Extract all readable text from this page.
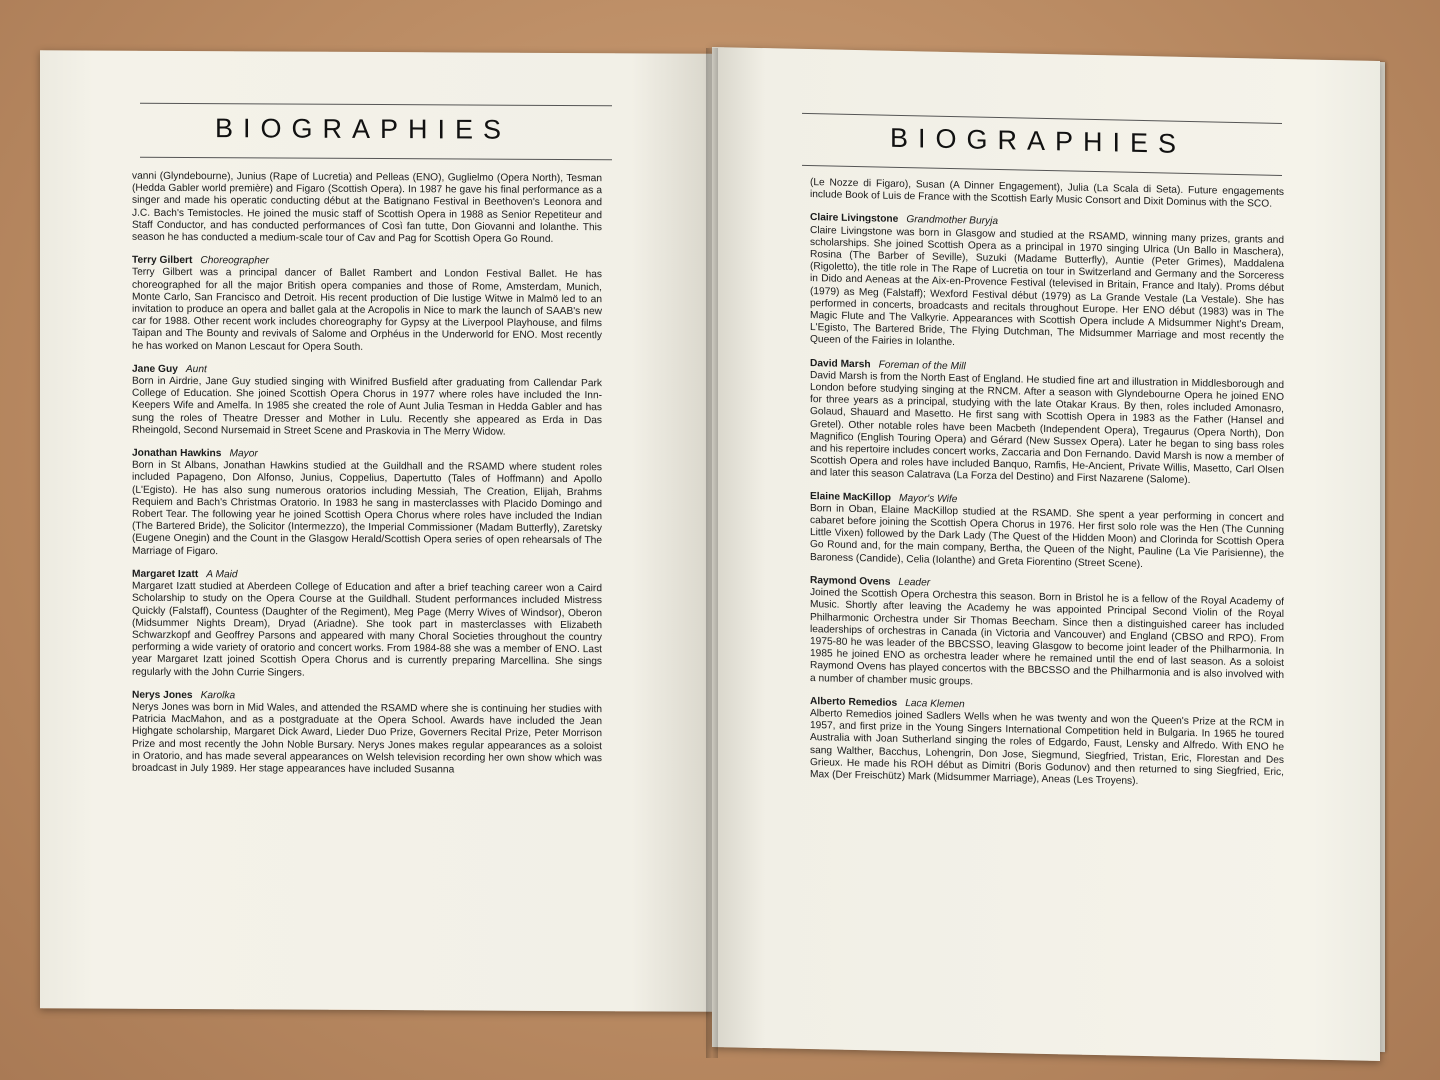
BIOGRAPHIES

vanni (Glyndebourne), Junius (Rape of Lucretia) and Pelleas (ENO), Guglielmo (Opera North), Tesman (Hedda Gabler world première) and Figaro (Scottish Opera). In 1987 he gave his final performance as a singer and made his operatic conducting début at the Batignano Festival in Beethoven's Leonora and J.C. Bach's Temistocles. He joined the music staff of Scottish Opera in 1988 as Senior Repetiteur and Staff Conductor, and has conducted performances of Così fan tutte, Don Giovanni and Iolanthe. This season he has conducted a medium-scale tour of Cav and Pag for Scottish Opera Go Round.

Terry Gilbert Choreographer
Terry Gilbert was a principal dancer of Ballet Rambert and London Festival Ballet. He has choreographed for all the major British opera companies and those of Rome, Amsterdam, Munich, Monte Carlo, San Francisco and Detroit. His recent production of Die lustige Witwe in Malmö led to an invitation to produce an opera and ballet gala at the Acropolis in Nice to mark the launch of SAAB's new car for 1988. Other recent work includes choreography for Gypsy at the Liverpool Playhouse, and films Taipan and The Bounty and revivals of Salome and Orphéus in the Underworld for ENO. Most recently he has worked on Manon Lescaut for Opera South.

Jane Guy Aunt
Born in Airdrie, Jane Guy studied singing with Winifred Busfield after graduating from Callendar Park College of Education. She joined Scottish Opera Chorus in 1977 where roles have included the Inn-Keepers Wife and Amelfa. In 1985 she created the role of Aunt Julia Tesman in Hedda Gabler and has sung the roles of Theatre Dresser and Mother in Lulu. Recently she appeared as Erda in Das Rheingold, Second Nursemaid in Street Scene and Praskovia in The Merry Widow.

Jonathan Hawkins Mayor
Born in St Albans, Jonathan Hawkins studied at the Guildhall and the RSAMD where student roles included Papageno, Don Alfonso, Junius, Coppelius, Dapertutto (Tales of Hoffmann) and Apollo (L'Egisto). He has also sung numerous oratorios including Messiah, The Creation, Elijah, Brahms Requiem and Bach's Christmas Oratorio. In 1983 he sang in masterclasses with Placido Domingo and Robert Tear. The following year he joined Scottish Opera Chorus where roles have included the Indian (The Bartered Bride), the Solicitor (Intermezzo), the Imperial Commissioner (Madam Butterfly), Zaretsky (Eugene Onegin) and the Count in the Glasgow Herald/Scottish Opera series of open rehearsals of The Marriage of Figaro.

Margaret Izatt A Maid
Margaret Izatt studied at Aberdeen College of Education and after a brief teaching career won a Caird Scholarship to study on the Opera Course at the Guildhall. Student performances included Mistress Quickly (Falstaff), Countess (Daughter of the Regiment), Meg Page (Merry Wives of Windsor), Oberon (Midsummer Nights Dream), Dryad (Ariadne). She took part in masterclasses with Elizabeth Schwarzkopf and Geoffrey Parsons and appeared with many Choral Societies throughout the country performing a wide variety of oratorio and concert works. From 1984-88 she was a member of ENO. Last year Margaret Izatt joined Scottish Opera Chorus and is currently preparing Marcellina. She sings regularly with the John Currie Singers.

Nerys Jones Karolka
Nerys Jones was born in Mid Wales, and attended the RSAMD where she is continuing her studies with Patricia MacMahon, and as a postgraduate at the Opera School. Awards have included the Jean Highgate scholarship, Margaret Dick Award, Lieder Duo Prize, Governers Recital Prize, Peter Morrison Prize and most recently the John Noble Bursary. Nerys Jones makes regular appearances as a soloist in Oratorio, and has made several appearances on Welsh television recording her own show which was broadcast in July 1989. Her stage appearances have included Susanna

BIOGRAPHIES

(Le Nozze di Figaro), Susan (A Dinner Engagement), Julia (La Scala di Seta). Future engagements include Book of Luis de France with the Scottish Early Music Consort and Dixit Dominus with the SCO.

Claire Livingstone Grandmother Buryja
Claire Livingstone was born in Glasgow and studied at the RSAMD, winning many prizes, grants and scholarships. She joined Scottish Opera as a principal in 1970 singing Ulrica (Un Ballo in Maschera), Rosina (The Barber of Seville), Suzuki (Madame Butterfly), Auntie (Peter Grimes), Maddalena (Rigoletto), the title role in The Rape of Lucretia on tour in Switzerland and Germany and the Sorceress in Dido and Aeneas at the Aix-en-Provence Festival (televised in Britain, France and Italy). Proms début (1979) as Meg (Falstaff); Wexford Festival début (1979) as La Grande Vestale (La Vestale). She has performed in concerts, broadcasts and recitals throughout Europe. Her ENO début (1983) was in The Magic Flute and The Valkyrie. Appearances with Scottish Opera include A Midsummer Night's Dream, L'Egisto, The Bartered Bride, The Flying Dutchman, The Midsummer Marriage and most recently the Queen of the Fairies in Iolanthe.

David Marsh Foreman of the Mill
David Marsh is from the North East of England. He studied fine art and illustration in Middlesborough and London before studying singing at the RNCM. After a season with Glyndebourne Opera he joined ENO for three years as a principal, studying with the late Otakar Kraus. By then, roles included Amonasro, Golaud, Shauard and Masetto. He first sang with Scottish Opera in 1983 as the Father (Hansel and Gretel). Other notable roles have been Macbeth (Independent Opera), Tregaurus (Opera North), Don Magnifico (English Touring Opera) and Gérard (New Sussex Opera). Later he began to sing bass roles and his repertoire includes concert works, Zaccaria and Don Fernando. David Marsh is now a member of Scottish Opera and roles have included Banquo, Ramfis, He-Ancient, Private Willis, Masetto, Carl Olsen and later this season Calatrava (La Forza del Destino) and First Nazarene (Salome).

Elaine MacKillop Mayor's Wife
Born in Oban, Elaine MacKillop studied at the RSAMD. She spent a year performing in concert and cabaret before joining the Scottish Opera Chorus in 1976. Her first solo role was the Hen (The Cunning Little Vixen) followed by the Dark Lady (The Quest of the Hidden Moon) and Clorinda for Scottish Opera Go Round and, for the main company, Bertha, the Queen of the Night, Pauline (La Vie Parisienne), the Baroness (Candide), Celia (Iolanthe) and Greta Fiorentino (Street Scene).

Raymond Ovens Leader
Joined the Scottish Opera Orchestra this season. Born in Bristol he is a fellow of the Royal Academy of Music. Shortly after leaving the Academy he was appointed Principal Second Violin of the Royal Philharmonic Orchestra under Sir Thomas Beecham. Since then a distinguished career has included leaderships of orchestras in Canada (in Victoria and Vancouver) and England (CBSO and RPO). From 1975-80 he was leader of the BBCSSO, leaving Glasgow to become joint leader of the Philharmonia. In 1985 he joined ENO as orchestra leader where he remained until the end of last season. As a soloist Raymond Ovens has played concertos with the BBCSSO and the Philharmonia and is also involved with a number of chamber music groups.

Alberto Remedios Laca Klemen
Alberto Remedios joined Sadlers Wells when he was twenty and won the Queen's Prize at the RCM in 1957, and first prize in the Young Singers International Competition held in Bulgaria. In 1965 he toured Australia with Joan Sutherland singing the roles of Edgardo, Faust, Lensky and Alfredo. With ENO he sang Walther, Bacchus, Lohengrin, Don Jose, Siegmund, Siegfried, Tristan, Eric, Florestan and Des Grieux. He made his ROH début as Dimitri (Boris Godunov) and then returned to sing Siegfried, Eric, Max (Der Freischütz) Mark (Midsummer Marriage), Aneas (Les Troyens).
